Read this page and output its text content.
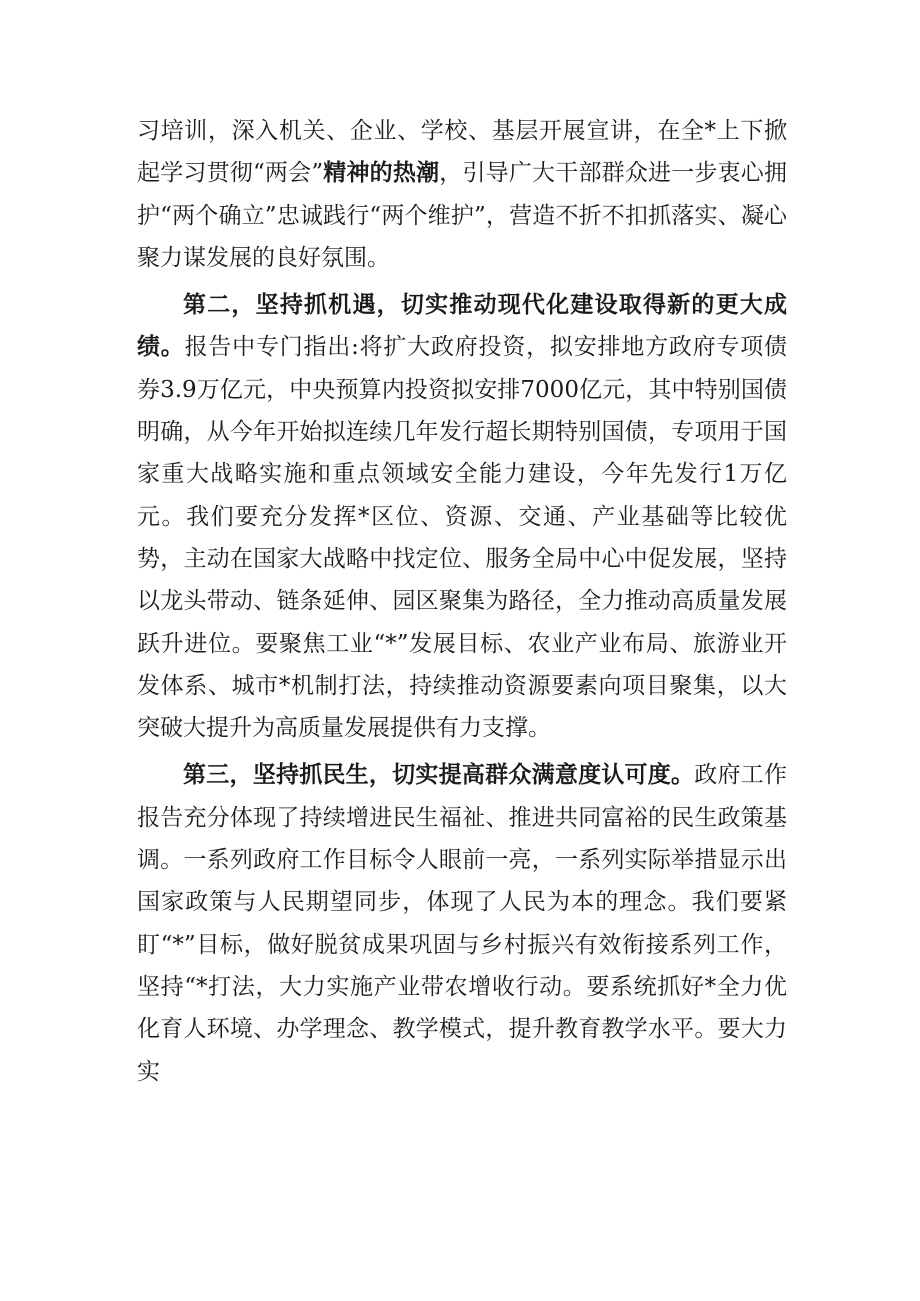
习培训，深入机关、企业、学校、基层开展宣讲，在全*上下掀起学习贯彻“两会”精神的热潮，引导广大干部群众进一步衷心拥护“两个确立”忠诚践行“两个维护”，营造不折不扣抓落实、凝心聚力谋发展的良好氛围。

第二，坚持抓机遇，切实推动现代化建设取得新的更大成绩。报告中专门指出:将扩大政府投资，拟安排地方政府专项债券3.9万亿元，中央预算内投资拟安排7000亿元，其中特别国债明确，从今年开始拟连续几年发行超长期特别国债，专项用于国家重大战略实施和重点领域安全能力建设，今年先发行1万亿元。我们要充分发挥*区位、资源、交通、产业基础等比较优势，主动在国家大战略中找定位、服务全局中心中促发展，坚持以龙头带动、链条延伸、园区聚集为路径，全力推动高质量发展跃升进位。要聚焦工业“*”发展目标、农业产业布局、旅游业开发体系、城市*机制打法，持续推动资源要素向项目聚集，以大突破大提升为高质量发展提供有力支撑。

第三，坚持抓民生，切实提高群众满意度认可度。政府工作报告充分体现了持续增进民生福祉、推进共同富裕的民生政策基调。一系列政府工作目标令人眼前一亮，一系列实际举措显示出国家政策与人民期望同步，体现了人民为本的理念。我们要紧盯“*”目标，做好脱贫成果巩固与乡村振兴有效衔接系列工作，坚持“*打法，大力实施产业带农增收行动。要系统抓好*全力优化育人环境、办学理念、教学模式，提升教育教学水平。要大力实
